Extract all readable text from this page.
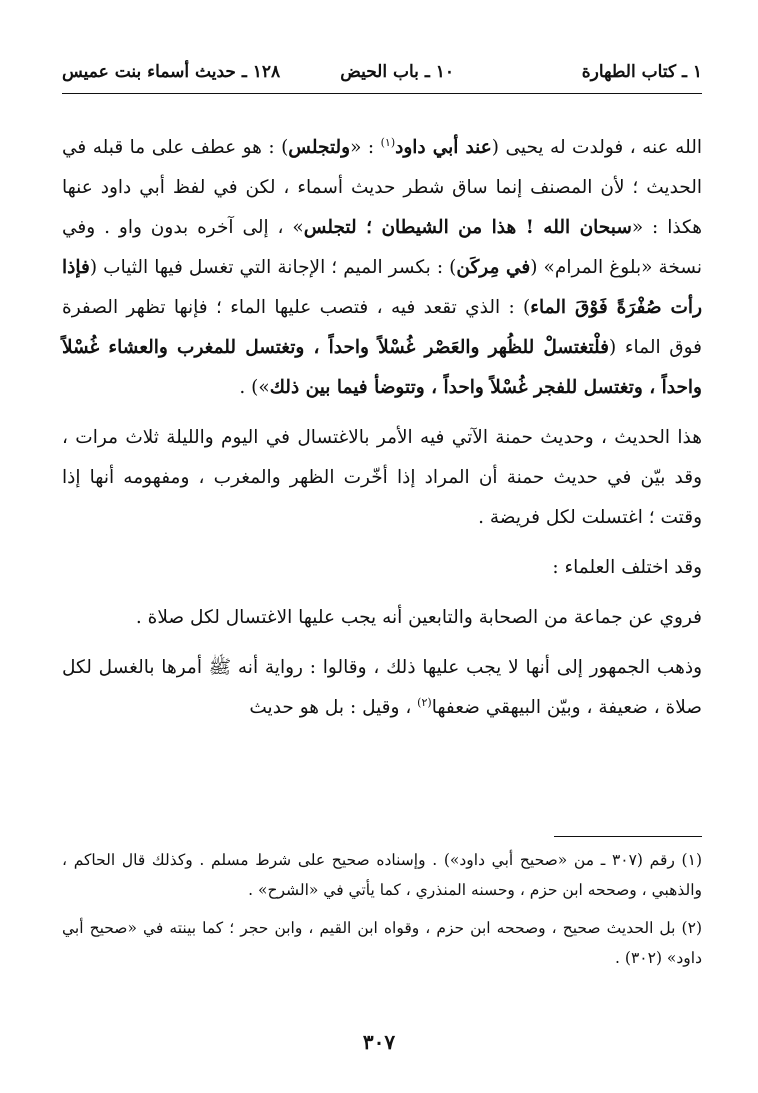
١ ـ كتاب الطهارة
١٠ ـ باب الحيض
١٢٨ ـ حديث أسماء بنت عميس

الله عنه ، فولدت له يحيى (عند أبي داود$^{(١)}$ : «ولتجلس) : هو عطف على ما قبله في الحديث ؛ لأن المصنف إنما ساق شطر حديث أسماء ، لكن في لفظ أبي داود عنها هكذا : «سبحان الله ! هذا من الشيطان ؛ لتجلس» ، إلى آخره بدون واو . وفي نسخة «بلوغ المرام» (في مِركَن) : بكسر الميم ؛ الإجانة التي تغسل فيها الثياب (فإذا رأت صُفْرَةً فَوْقَ الماء) : الذي تقعد فيه ، فتصب عليها الماء ؛ فإنها تظهر الصفرة فوق الماء (فلْتغتسلْ للظُهر والعَصْر غُسْلاً واحداً ، وتغتسل للمغرب والعشاء غُسْلاً واحداً ، وتغتسل للفجر غُسْلاً واحداً ، وتتوضأ فيما بين ذلك») .

هذا الحديث ، وحديث حمنة الآتي فيه الأمر بالاغتسال في اليوم والليلة ثلاث مرات ، وقد بيّن في حديث حمنة أن المراد إذا أخّرت الظهر والمغرب ، ومفهومه أنها إذا وقتت ؛ اغتسلت لكل فريضة .

وقد اختلف العلماء :

فروي عن جماعة من الصحابة والتابعين أنه يجب عليها الاغتسال لكل صلاة .

وذهب الجمهور إلى أنها لا يجب عليها ذلك ، وقالوا : رواية أنه ﷺ أمرها بالغسل لكل صلاة ، ضعيفة ، وبيّن البيهقي ضعفها$^{(٢)}$ ، وقيل : بل هو حديث

(١) رقم (٣٠٧ ـ من «صحيح أبي داود») . وإسناده صحيح على شرط مسلم . وكذلك قال الحاكم ، والذهبي ، وصححه ابن حزم ، وحسنه المنذري ، كما يأتي في «الشرح» .

(٢) بل الحديث صحيح ، وصححه ابن حزم ، وقواه ابن القيم ، وابن حجر ؛ كما بينته في «صحيح أبي داود» (٣٠٢) .

٣٠٧
